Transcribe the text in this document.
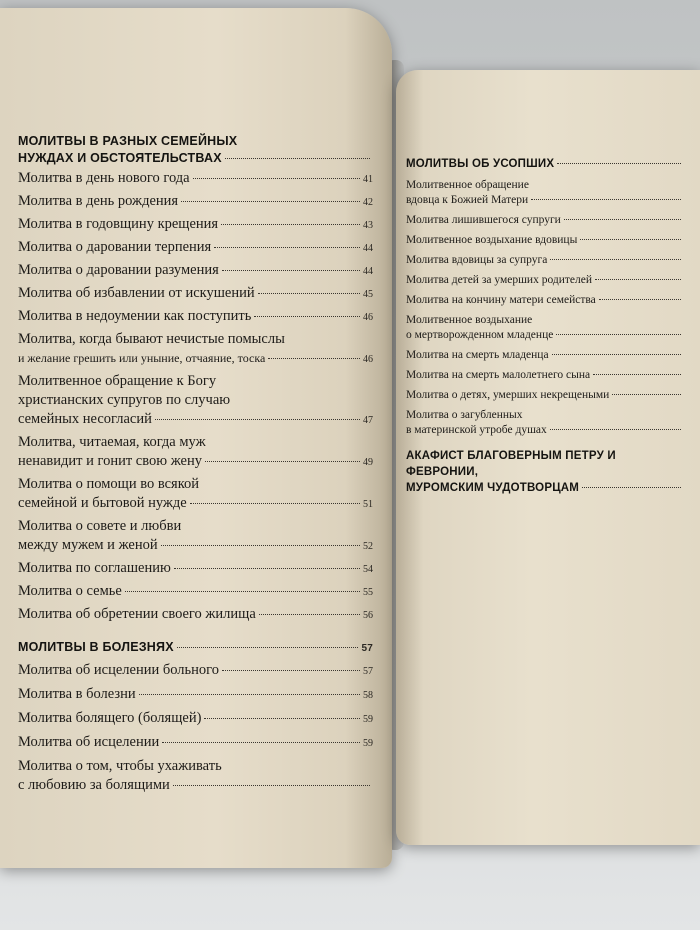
МОЛИТВЫ В РАЗНЫХ СЕМЕЙНЫХ
НУЖДАХ И ОБСТОЯТЕЛЬСТВАХ
Молитва в день нового года	41
Молитва в день рождения	42
Молитва в годовщину крещения	43
Молитва о даровании терпения	44
Молитва о даровании разумения	44
Молитва об избавлении от искушений	45
Молитва в недоумении как поступить	46
Молитва, когда бывают нечистые помыслы
и желание грешить или уныние, отчаяние, тоска	46
Молитвенное обращение к Богу
христианских супругов по случаю
семейных несогласий	47
Молитва, читаемая, когда муж
ненавидит и гонит свою жену	49
Молитва о помощи во всякой
семейной и бытовой нужде	51
Молитва о совете и любви
между мужем и женой	52
Молитва по соглашению	54
Молитва о семье	55
Молитва об обретении своего жилища	56
МОЛИТВЫ В БОЛЕЗНЯХ	57
Молитва об исцелении больного	57
Молитва в болезни	58
Молитва болящего (болящей)	59
Молитва об исцелении	59
Молитва о том, чтобы ухаживать
с любовию за болящими
МОЛИТВЫ ОБ УСОПШИХ
Молитвенное обращение
вдовца к Божией Матери
Молитва лишившегося супруги
Молитвенное воздыхание вдовицы
Молитва вдовицы за супруга
Молитва детей за умерших родителей
Молитва на кончину матери семейства
Молитвенное воздыхание
о мертворожденном младенце
Молитва на смерть младенца
Молитва на смерть малолетнего сына
Молитва о детях, умерших некрещеными
Молитва о загубленных
в материнской утробе душах
АКАФИСТ БЛАГОВЕРНЫМ ПЕТРУ И ФЕВРОНИИ,
МУРОМСКИМ ЧУДОТВОРЦАМ
